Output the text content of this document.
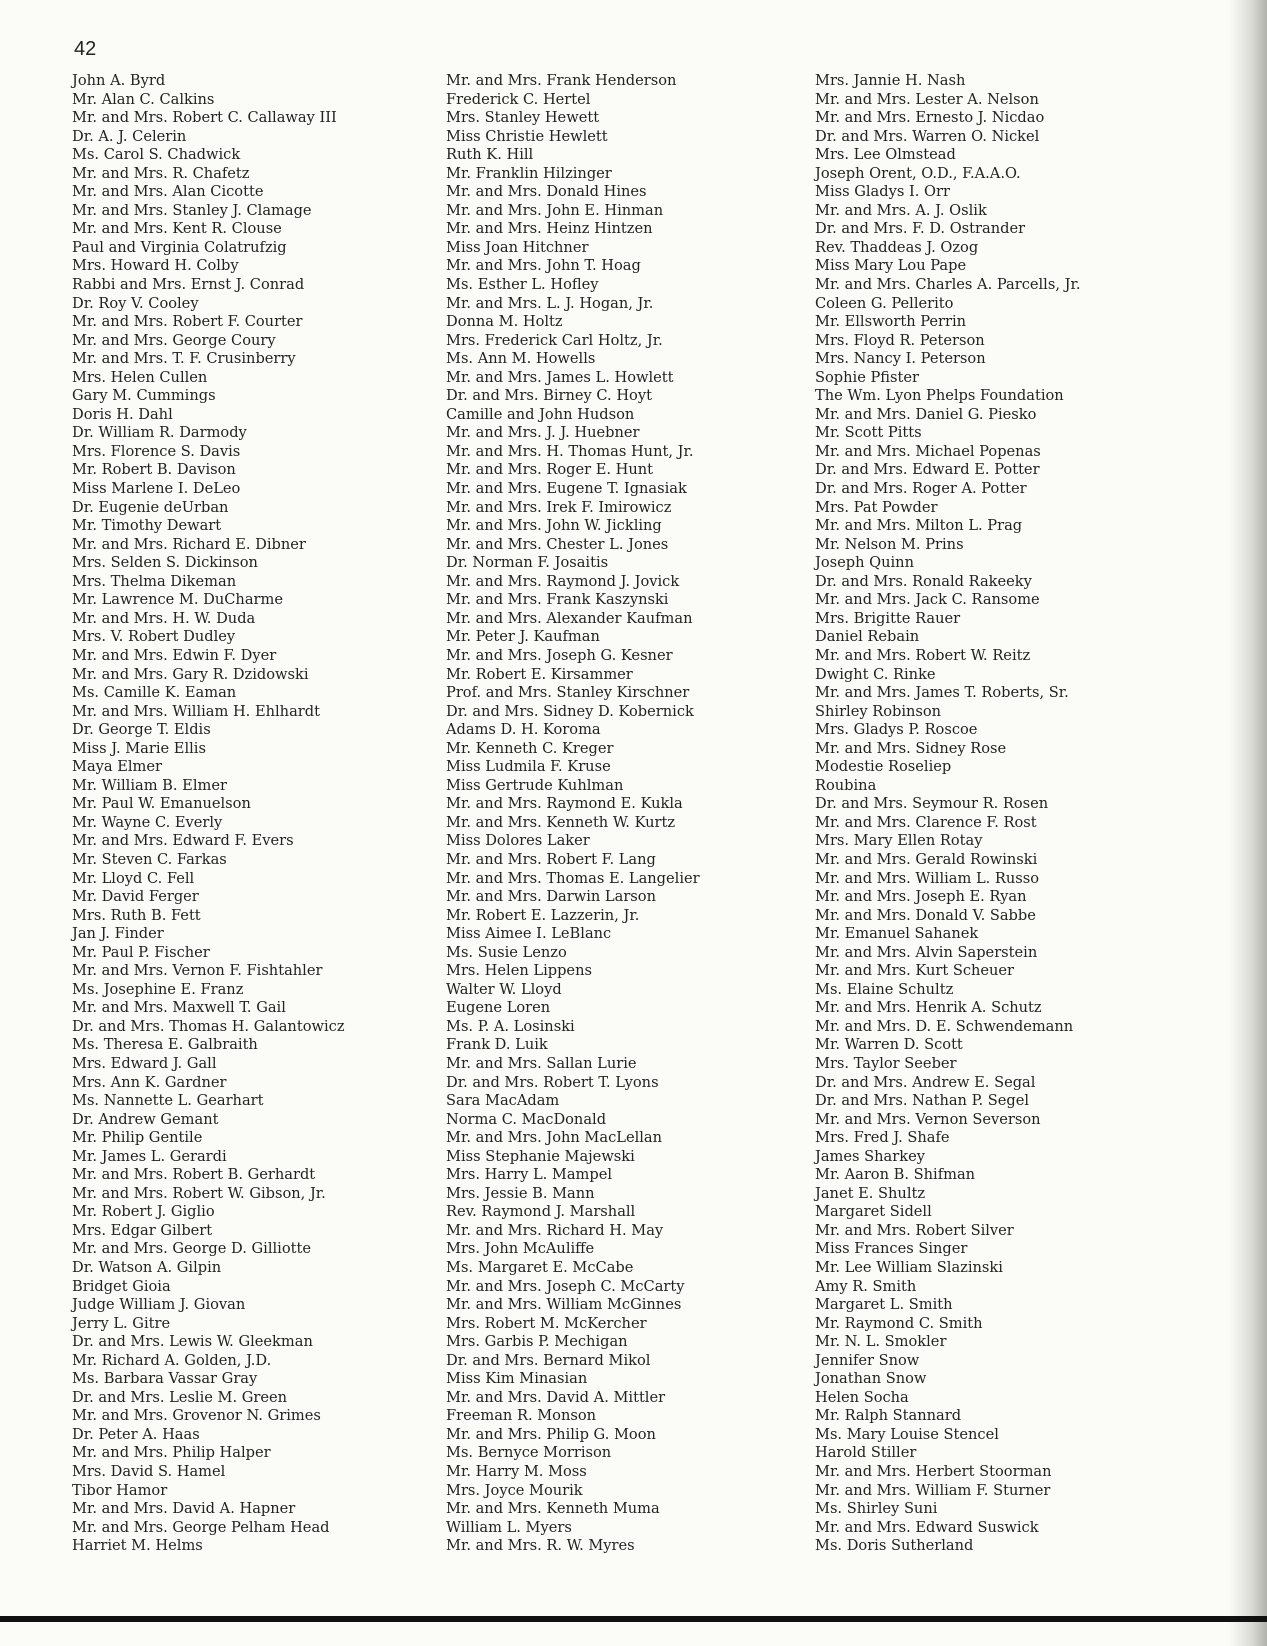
42
John A. Byrd
Mr. Alan C. Calkins
Mr. and Mrs. Robert C. Callaway III
Dr. A. J. Celerin
Ms. Carol S. Chadwick
Mr. and Mrs. R. Chafetz
Mr. and Mrs. Alan Cicotte
Mr. and Mrs. Stanley J. Clamage
Mr. and Mrs. Kent R. Clouse
Paul and Virginia Colatrufzig
Mrs. Howard H. Colby
Rabbi and Mrs. Ernst J. Conrad
Dr. Roy V. Cooley
Mr. and Mrs. Robert F. Courter
Mr. and Mrs. George Coury
Mr. and Mrs. T. F. Crusinberry
Mrs. Helen Cullen
Gary M. Cummings
Doris H. Dahl
Dr. William R. Darmody
Mrs. Florence S. Davis
Mr. Robert B. Davison
Miss Marlene I. DeLeo
Dr. Eugenie deUrban
Mr. Timothy Dewart
Mr. and Mrs. Richard E. Dibner
Mrs. Selden S. Dickinson
Mrs. Thelma Dikeman
Mr. Lawrence M. DuCharme
Mr. and Mrs. H. W. Duda
Mrs. V. Robert Dudley
Mr. and Mrs. Edwin F. Dyer
Mr. and Mrs. Gary R. Dzidowski
Ms. Camille K. Eaman
Mr. and Mrs. William H. Ehlhardt
Dr. George T. Eldis
Miss J. Marie Ellis
Maya Elmer
Mr. William B. Elmer
Mr. Paul W. Emanuelson
Mr. Wayne C. Everly
Mr. and Mrs. Edward F. Evers
Mr. Steven C. Farkas
Mr. Lloyd C. Fell
Mr. David Ferger
Mrs. Ruth B. Fett
Jan J. Finder
Mr. Paul P. Fischer
Mr. and Mrs. Vernon F. Fishtahler
Ms. Josephine E. Franz
Mr. and Mrs. Maxwell T. Gail
Dr. and Mrs. Thomas H. Galantowicz
Ms. Theresa E. Galbraith
Mrs. Edward J. Gall
Mrs. Ann K. Gardner
Ms. Nannette L. Gearhart
Dr. Andrew Gemant
Mr. Philip Gentile
Mr. James L. Gerardi
Mr. and Mrs. Robert B. Gerhardt
Mr. and Mrs. Robert W. Gibson, Jr.
Mr. Robert J. Giglio
Mrs. Edgar Gilbert
Mr. and Mrs. George D. Gilliotte
Dr. Watson A. Gilpin
Bridget Gioia
Judge William J. Giovan
Jerry L. Gitre
Dr. and Mrs. Lewis W. Gleekman
Mr. Richard A. Golden, J.D.
Ms. Barbara Vassar Gray
Dr. and Mrs. Leslie M. Green
Mr. and Mrs. Grovenor N. Grimes
Dr. Peter A. Haas
Mr. and Mrs. Philip Halper
Mrs. David S. Hamel
Tibor Hamor
Mr. and Mrs. David A. Hapner
Mr. and Mrs. George Pelham Head
Harriet M. Helms
Mr. and Mrs. Frank Henderson
Frederick C. Hertel
Mrs. Stanley Hewett
Miss Christie Hewlett
Ruth K. Hill
Mr. Franklin Hilzinger
Mr. and Mrs. Donald Hines
Mr. and Mrs. John E. Hinman
Mr. and Mrs. Heinz Hintzen
Miss Joan Hitchner
Mr. and Mrs. John T. Hoag
Ms. Esther L. Hofley
Mr. and Mrs. L. J. Hogan, Jr.
Donna M. Holtz
Mrs. Frederick Carl Holtz, Jr.
Ms. Ann M. Howells
Mr. and Mrs. James L. Howlett
Dr. and Mrs. Birney C. Hoyt
Camille and John Hudson
Mr. and Mrs. J. J. Huebner
Mr. and Mrs. H. Thomas Hunt, Jr.
Mr. and Mrs. Roger E. Hunt
Mr. and Mrs. Eugene T. Ignasiak
Mr. and Mrs. Irek F. Imirowicz
Mr. and Mrs. John W. Jickling
Mr. and Mrs. Chester L. Jones
Dr. Norman F. Josaitis
Mr. and Mrs. Raymond J. Jovick
Mr. and Mrs. Frank Kaszynski
Mr. and Mrs. Alexander Kaufman
Mr. Peter J. Kaufman
Mr. and Mrs. Joseph G. Kesner
Mr. Robert E. Kirsammer
Prof. and Mrs. Stanley Kirschner
Dr. and Mrs. Sidney D. Kobernick
Adams D. H. Koroma
Mr. Kenneth C. Kreger
Miss Ludmila F. Kruse
Miss Gertrude Kuhlman
Mr. and Mrs. Raymond E. Kukla
Mr. and Mrs. Kenneth W. Kurtz
Miss Dolores Laker
Mr. and Mrs. Robert F. Lang
Mr. and Mrs. Thomas E. Langelier
Mr. and Mrs. Darwin Larson
Mr. Robert E. Lazzerin, Jr.
Miss Aimee I. LeBlanc
Ms. Susie Lenzo
Mrs. Helen Lippens
Walter W. Lloyd
Eugene Loren
Ms. P. A. Losinski
Frank D. Luik
Mr. and Mrs. Sallan Lurie
Dr. and Mrs. Robert T. Lyons
Sara MacAdam
Norma C. MacDonald
Mr. and Mrs. John MacLellan
Miss Stephanie Majewski
Mrs. Harry L. Mampel
Mrs. Jessie B. Mann
Rev. Raymond J. Marshall
Mr. and Mrs. Richard H. May
Mrs. John McAuliffe
Ms. Margaret E. McCabe
Mr. and Mrs. Joseph C. McCarty
Mr. and Mrs. William McGinnes
Mrs. Robert M. McKercher
Mrs. Garbis P. Mechigan
Dr. and Mrs. Bernard Mikol
Miss Kim Minasian
Mr. and Mrs. David A. Mittler
Freeman R. Monson
Mr. and Mrs. Philip G. Moon
Ms. Bernyce Morrison
Mr. Harry M. Moss
Mrs. Joyce Mourik
Mr. and Mrs. Kenneth Muma
William L. Myers
Mr. and Mrs. R. W. Myres
Mrs. Jannie H. Nash
Mr. and Mrs. Lester A. Nelson
Mr. and Mrs. Ernesto J. Nicdao
Dr. and Mrs. Warren O. Nickel
Mrs. Lee Olmstead
Joseph Orent, O.D., F.A.A.O.
Miss Gladys I. Orr
Mr. and Mrs. A. J. Oslik
Dr. and Mrs. F. D. Ostrander
Rev. Thaddeas J. Ozog
Miss Mary Lou Pape
Mr. and Mrs. Charles A. Parcells, Jr.
Coleen G. Pellerito
Mr. Ellsworth Perrin
Mrs. Floyd R. Peterson
Mrs. Nancy I. Peterson
Sophie Pfister
The Wm. Lyon Phelps Foundation
Mr. and Mrs. Daniel G. Piesko
Mr. Scott Pitts
Mr. and Mrs. Michael Popenas
Dr. and Mrs. Edward E. Potter
Dr. and Mrs. Roger A. Potter
Mrs. Pat Powder
Mr. and Mrs. Milton L. Prag
Mr. Nelson M. Prins
Joseph Quinn
Dr. and Mrs. Ronald Rakeeky
Mr. and Mrs. Jack C. Ransome
Mrs. Brigitte Rauer
Daniel Rebain
Mr. and Mrs. Robert W. Reitz
Dwight C. Rinke
Mr. and Mrs. James T. Roberts, Sr.
Shirley Robinson
Mrs. Gladys P. Roscoe
Mr. and Mrs. Sidney Rose
Modestie Roseliep
Roubina
Dr. and Mrs. Seymour R. Rosen
Mr. and Mrs. Clarence F. Rost
Mrs. Mary Ellen Rotay
Mr. and Mrs. Gerald Rowinski
Mr. and Mrs. William L. Russo
Mr. and Mrs. Joseph E. Ryan
Mr. and Mrs. Donald V. Sabbe
Mr. Emanuel Sahanek
Mr. and Mrs. Alvin Saperstein
Mr. and Mrs. Kurt Scheuer
Ms. Elaine Schultz
Mr. and Mrs. Henrik A. Schutz
Mr. and Mrs. D. E. Schwendemann
Mr. Warren D. Scott
Mrs. Taylor Seeber
Dr. and Mrs. Andrew E. Segal
Dr. and Mrs. Nathan P. Segel
Mr. and Mrs. Vernon Severson
Mrs. Fred J. Shafe
James Sharkey
Mr. Aaron B. Shifman
Janet E. Shultz
Margaret Sidell
Mr. and Mrs. Robert Silver
Miss Frances Singer
Mr. Lee William Slazinski
Amy R. Smith
Margaret L. Smith
Mr. Raymond C. Smith
Mr. N. L. Smokler
Jennifer Snow
Jonathan Snow
Helen Socha
Mr. Ralph Stannard
Ms. Mary Louise Stencel
Harold Stiller
Mr. and Mrs. Herbert Stoorman
Mr. and Mrs. William F. Sturner
Ms. Shirley Suni
Mr. and Mrs. Edward Suswick
Ms. Doris Sutherland
